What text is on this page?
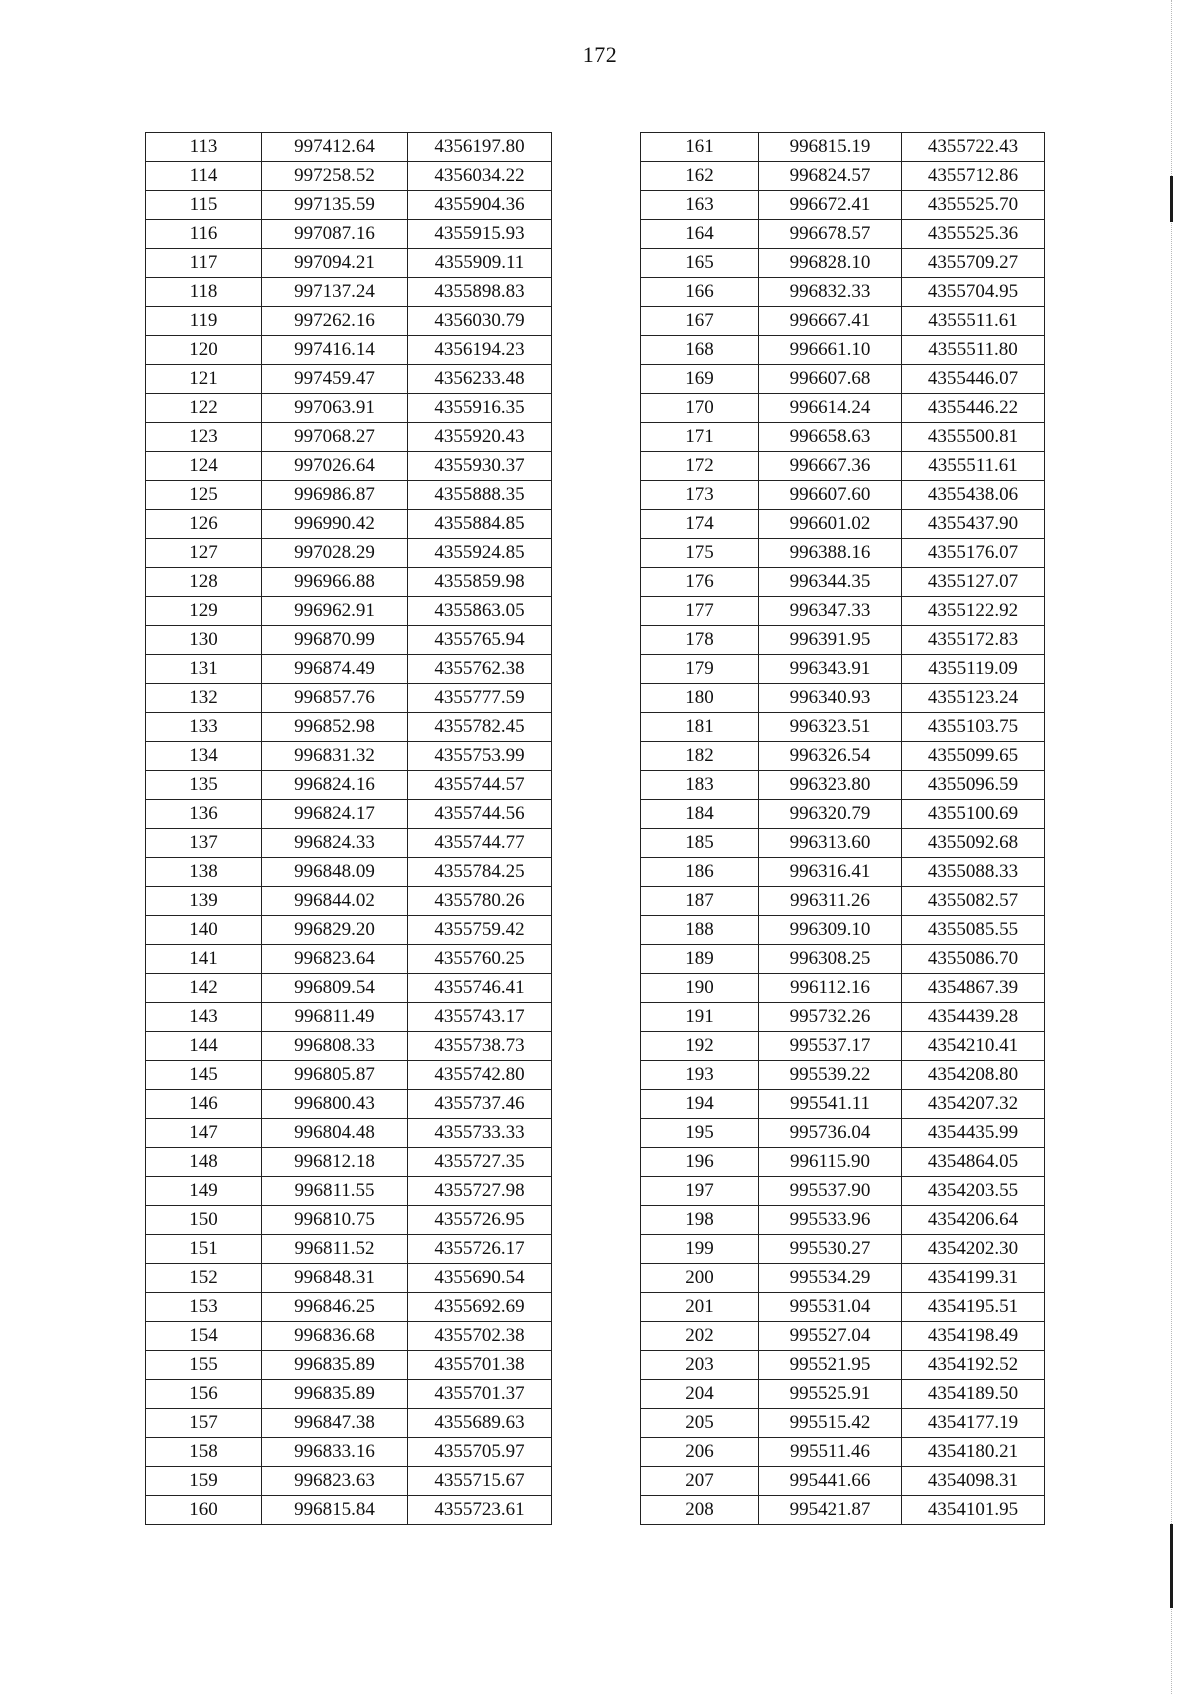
172
113	997412.64	4356197.80
114	997258.52	4356034.22
115	997135.59	4355904.36
116	997087.16	4355915.93
117	997094.21	4355909.11
118	997137.24	4355898.83
119	997262.16	4356030.79
120	997416.14	4356194.23
121	997459.47	4356233.48
122	997063.91	4355916.35
123	997068.27	4355920.43
124	997026.64	4355930.37
125	996986.87	4355888.35
126	996990.42	4355884.85
127	997028.29	4355924.85
128	996966.88	4355859.98
129	996962.91	4355863.05
130	996870.99	4355765.94
131	996874.49	4355762.38
132	996857.76	4355777.59
133	996852.98	4355782.45
134	996831.32	4355753.99
135	996824.16	4355744.57
136	996824.17	4355744.56
137	996824.33	4355744.77
138	996848.09	4355784.25
139	996844.02	4355780.26
140	996829.20	4355759.42
141	996823.64	4355760.25
142	996809.54	4355746.41
143	996811.49	4355743.17
144	996808.33	4355738.73
145	996805.87	4355742.80
146	996800.43	4355737.46
147	996804.48	4355733.33
148	996812.18	4355727.35
149	996811.55	4355727.98
150	996810.75	4355726.95
151	996811.52	4355726.17
152	996848.31	4355690.54
153	996846.25	4355692.69
154	996836.68	4355702.38
155	996835.89	4355701.38
156	996835.89	4355701.37
157	996847.38	4355689.63
158	996833.16	4355705.97
159	996823.63	4355715.67
160	996815.84	4355723.61
161	996815.19	4355722.43
162	996824.57	4355712.86
163	996672.41	4355525.70
164	996678.57	4355525.36
165	996828.10	4355709.27
166	996832.33	4355704.95
167	996667.41	4355511.61
168	996661.10	4355511.80
169	996607.68	4355446.07
170	996614.24	4355446.22
171	996658.63	4355500.81
172	996667.36	4355511.61
173	996607.60	4355438.06
174	996601.02	4355437.90
175	996388.16	4355176.07
176	996344.35	4355127.07
177	996347.33	4355122.92
178	996391.95	4355172.83
179	996343.91	4355119.09
180	996340.93	4355123.24
181	996323.51	4355103.75
182	996326.54	4355099.65
183	996323.80	4355096.59
184	996320.79	4355100.69
185	996313.60	4355092.68
186	996316.41	4355088.33
187	996311.26	4355082.57
188	996309.10	4355085.55
189	996308.25	4355086.70
190	996112.16	4354867.39
191	995732.26	4354439.28
192	995537.17	4354210.41
193	995539.22	4354208.80
194	995541.11	4354207.32
195	995736.04	4354435.99
196	996115.90	4354864.05
197	995537.90	4354203.55
198	995533.96	4354206.64
199	995530.27	4354202.30
200	995534.29	4354199.31
201	995531.04	4354195.51
202	995527.04	4354198.49
203	995521.95	4354192.52
204	995525.91	4354189.50
205	995515.42	4354177.19
206	995511.46	4354180.21
207	995441.66	4354098.31
208	995421.87	4354101.95
